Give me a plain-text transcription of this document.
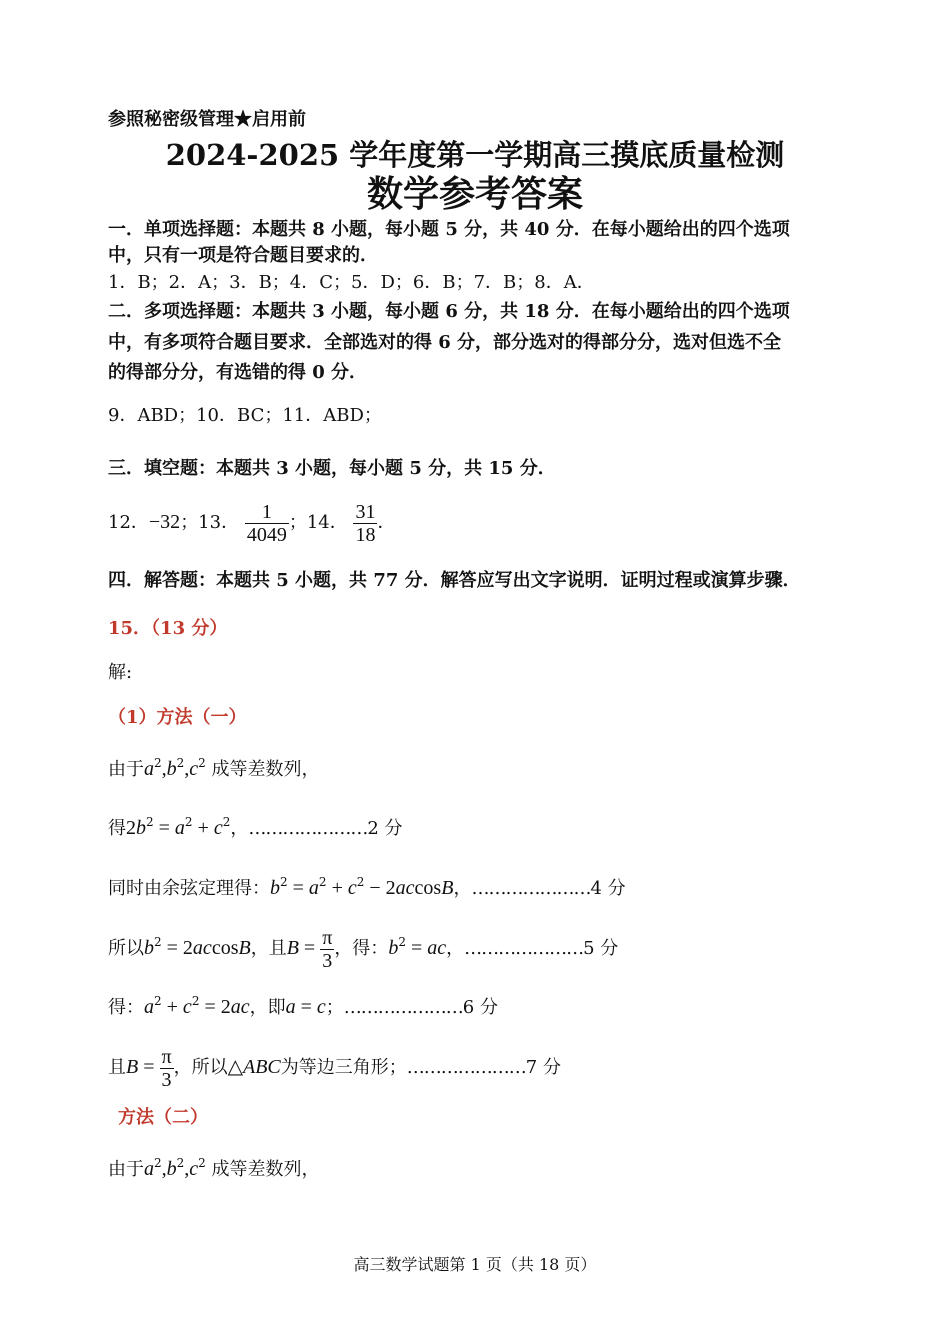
参照秘密级管理★启用前
2024-2025 学年度第一学期高三摸底质量检测
数学参考答案
一．单项选择题：本题共 8 小题，每小题 5 分，共 40 分．在每小题给出的四个选项
中，只有一项是符合题目要求的．
1．B；2．A；3．B；4．C；5．D；6．B；7．B；8．A．
二．多项选择题：本题共 3 小题，每小题 6 分，共 18 分．在每小题给出的四个选项
中，有多项符合题目要求．全部选对的得 6 分，部分选对的得部分分，选对但选不全
的得部分分，有选错的得 0 分．
9．ABD；10．BC；11．ABD；
三．填空题：本题共 3 小题，每小题 5 分，共 15 分．
12．−32；13． $\frac{1}{4049}$ ；14． $\frac{31}{18}$ ．
四．解答题：本题共 5 小题，共 77 分．解答应写出文字说明．证明过程或演算步骤．
15．（13 分）
解:
（1）方法（一）
由于$a^2,b^2,c^2$ 成等差数列，
得$2b^2 = a^2 + c^2$，…………………2 分
同时由余弦定理得：$b^2 = a^2 + c^2 - 2accosB$，…………………4 分
所以$b^2 = 2accosB$，且$B = \frac{\pi}{3}$ ，得：$b^2$ = ac，…………………5 分
得：$a^2 + c^2 = 2ac$，即a = c；…………………6 分
且$B = \frac{\pi}{3}$ ，所以△ABC为等边三角形；…………………7 分
方法（二）
由于$a^2,b^2,c^2$ 成等差数列，
高三数学试题第 1 页（共 18 页）
